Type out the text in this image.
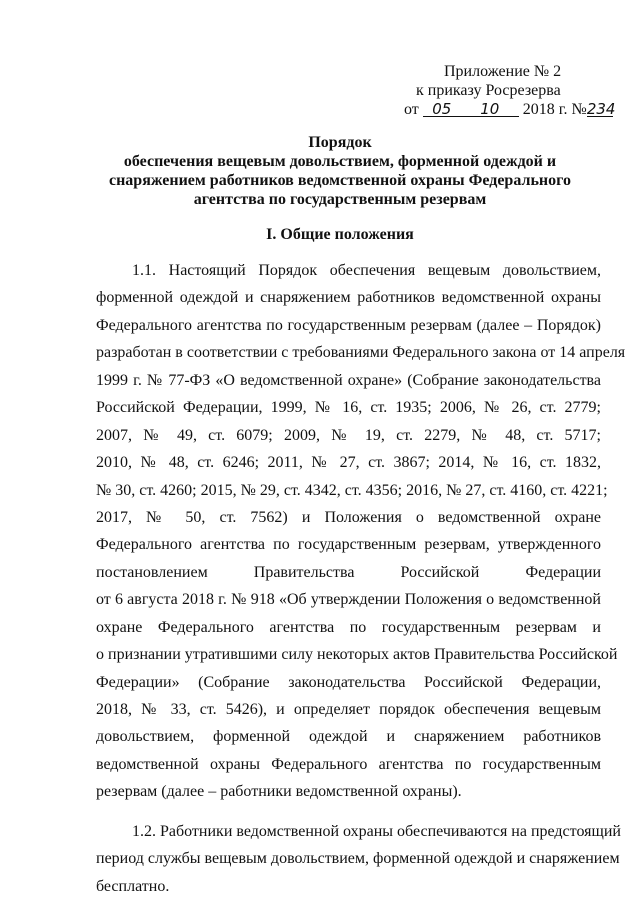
Приложение № 2
к приказу Росрезерва
от 05 10 2018 г. №234
Порядок
обеспечения вещевым довольствием, форменной одеждой и
снаряжением работников ведомственной охраны Федерального
агентства по государственным резервам
I. Общие положения
1.1. Настоящий Порядок обеспечения вещевым довольствием,
форменной одеждой и снаряжением работников ведомственной охраны
Федерального агентства по государственным резервам (далее – Порядок)
разработан в соответствии с требованиями Федерального закона от 14 апреля
1999 г. № 77-ФЗ «О ведомственной охране» (Собрание законодательства
Российской Федерации, 1999, № 16, ст. 1935; 2006, № 26, ст. 2779;
2007, № 49, ст. 6079; 2009, № 19, ст. 2279, № 48, ст. 5717;
2010, № 48, ст. 6246; 2011, № 27, ст. 3867; 2014, № 16, ст. 1832,
№ 30, ст. 4260; 2015, № 29, ст. 4342, ст. 4356; 2016, № 27, ст. 4160, ст. 4221;
2017, № 50, ст. 7562) и Положения о ведомственной охране
Федерального агентства по государственным резервам, утвержденного
постановлением Правительства Российской Федерации
от 6 августа 2018 г. № 918 «Об утверждении Положения о ведомственной
охране Федерального агентства по государственным резервам и
о признании утратившими силу некоторых актов Правительства Российской
Федерации» (Собрание законодательства Российской Федерации,
2018, № 33, ст. 5426), и определяет порядок обеспечения вещевым
довольствием, форменной одеждой и снаряжением работников
ведомственной охраны Федерального агентства по государственным
резервам (далее – работники ведомственной охраны).
1.2. Работники ведомственной охраны обеспечиваются на предстоящий
период службы вещевым довольствием, форменной одеждой и снаряжением
бесплатно.
